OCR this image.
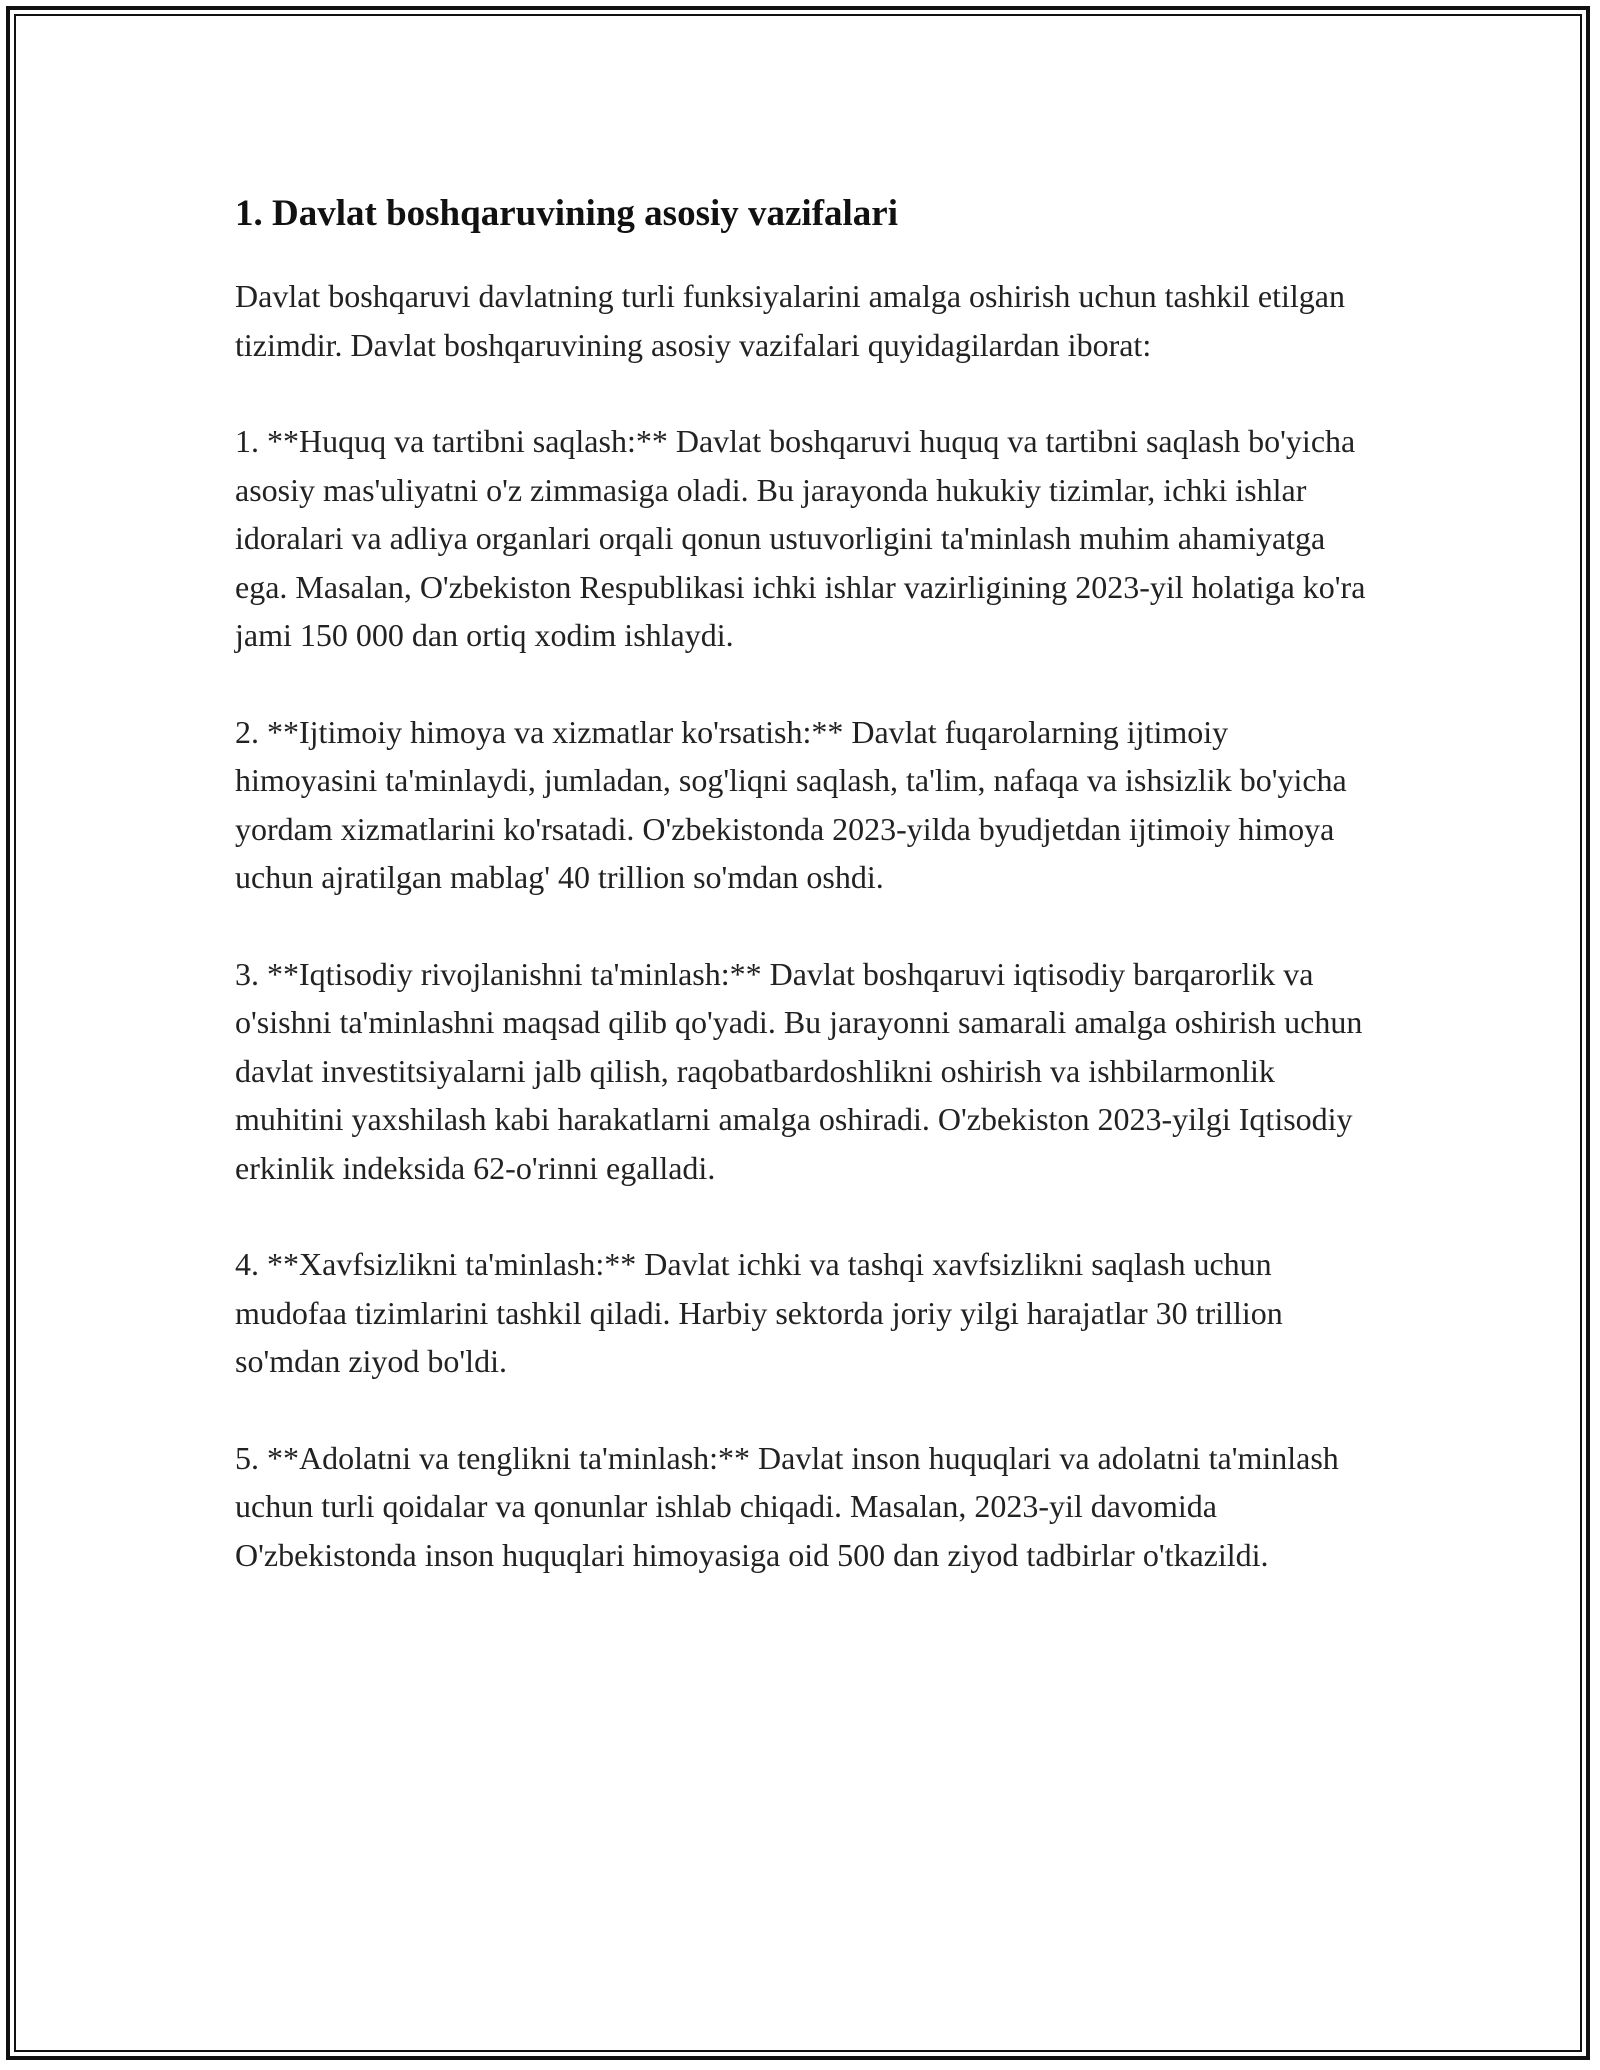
1. Davlat boshqaruvining asosiy vazifalari

Davlat boshqaruvi davlatning turli funksiyalarini amalga oshirish uchun tashkil etilgan tizimdir. Davlat boshqaruvining asosiy vazifalari quyidagilardan iborat:

1. **Huquq va tartibni saqlash:** Davlat boshqaruvi huquq va tartibni saqlash bo'yicha asosiy mas'uliyatni o'z zimmasiga oladi. Bu jarayonda hukukiy tizimlar, ichki ishlar idoralari va adliya organlari orqali qonun ustuvorligini ta'minlash muhim ahamiyatga ega. Masalan, O'zbekiston Respublikasi ichki ishlar vazirligining 2023-yil holatiga ko'ra jami 150 000 dan ortiq xodim ishlaydi.

2. **Ijtimoiy himoya va xizmatlar ko'rsatish:** Davlat fuqarolarning ijtimoiy himoyasini ta'minlaydi, jumladan, sog'liqni saqlash, ta'lim, nafaqa va ishsizlik bo'yicha yordam xizmatlarini ko'rsatadi. O'zbekistonda 2023-yilda byudjetdan ijtimoiy himoya uchun ajratilgan mablag' 40 trillion so'mdan oshdi.

3. **Iqtisodiy rivojlanishni ta'minlash:** Davlat boshqaruvi iqtisodiy barqarorlik va o'sishni ta'minlashni maqsad qilib qo'yadi. Bu jarayonni samarali amalga oshirish uchun davlat investitsiyalarni jalb qilish, raqobatbardoshlikni oshirish va ishbilarmonlik muhitini yaxshilash kabi harakatlarni amalga oshiradi. O'zbekiston 2023-yilgi Iqtisodiy erkinlik indeksida 62-o'rinni egalladi.

4. **Xavfsizlikni ta'minlash:** Davlat ichki va tashqi xavfsizlikni saqlash uchun mudofaa tizimlarini tashkil qiladi. Harbiy sektorda joriy yilgi harajatlar 30 trillion so'mdan ziyod bo'ldi.

5. **Adolatni va tenglikni ta'minlash:** Davlat inson huquqlari va adolatni ta'minlash uchun turli qoidalar va qonunlar ishlab chiqadi. Masalan, 2023-yil davomida O'zbekistonda inson huquqlari himoyasiga oid 500 dan ziyod tadbirlar o'tkazildi.
